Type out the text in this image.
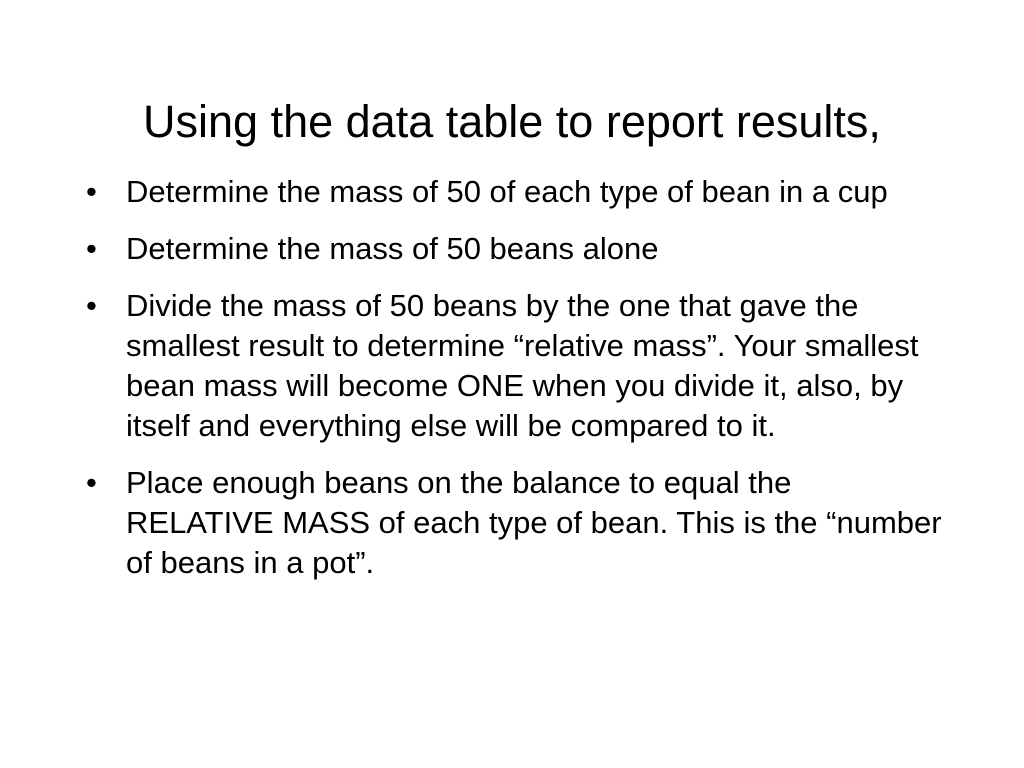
Using the data table to report results,
• Determine the mass of 50 of each type of bean in a cup
• Determine the mass of 50 beans alone
• Divide the mass of 50 beans by the one that gave the smallest result to determine “relative mass”. Your smallest bean mass will become ONE when you divide it, also, by itself and everything else will be compared to it.
• Place enough beans on the balance to equal the RELATIVE MASS of each type of bean. This is the “number of beans in a pot”.
